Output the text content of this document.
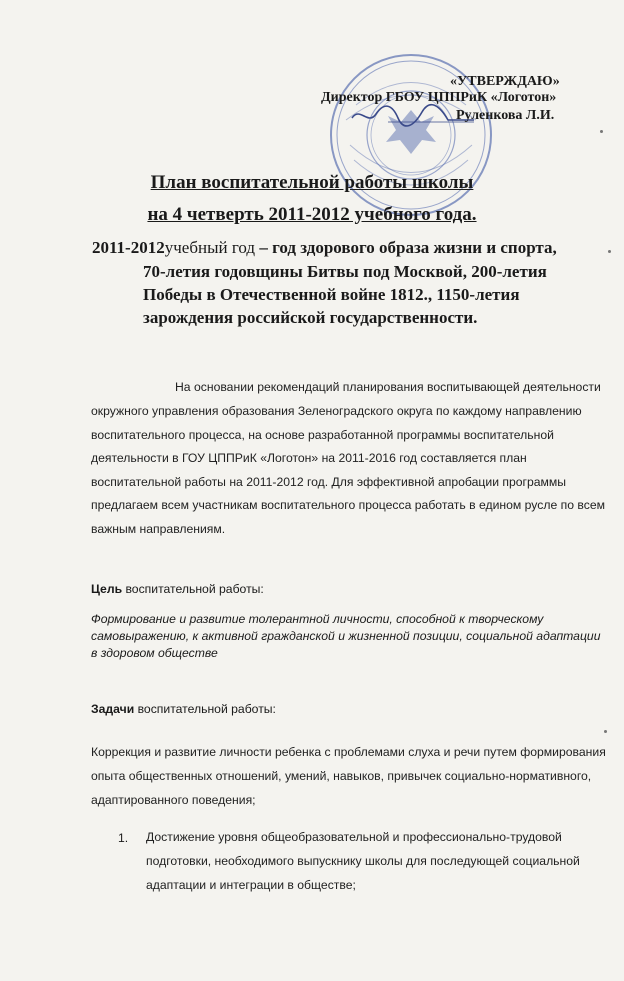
«УТВЕРЖДАЮ»
Директор ГБОУ ЦППРиК «Логотон»
Руленкова Л.И.
План воспитательной работы школы
на 4 четверть 2011-2012 учебного года.
2011-2012учебный год – год здорового образа жизни и спорта,
70-летия годовщины Битвы под Москвой, 200-летия
Победы в Отечественной войне 1812., 1150-летия
зарождения российской государственности.
На основании рекомендаций планирования воспитывающей деятельности
окружного управления образования Зеленоградского округа по каждому направлению
воспитательного процесса, на основе разработанной программы воспитательной
деятельности в ГОУ ЦППРиК «Логотон» на 2011-2016 год составляется план
воспитательной работы на 2011-2012 год. Для эффективной апробации программы
предлагаем всем участникам воспитательного процесса работать в едином русле по всем
важным направлениям.
Цель воспитательной работы:
Формирование и развитие толерантной личности, способной к творческому
самовыражению, к активной гражданской и жизненной позиции, социальной адаптации
в здоровом обществе
Задачи воспитательной работы:
Коррекция и развитие личности ребенка с проблемами слуха и речи путем формирования
опыта общественных отношений, умений, навыков, привычек социально-нормативного,
адаптированного поведения;
1. Достижение уровня общеобразовательной и профессионально-трудовой
подготовки, необходимого выпускнику школы для последующей социальной
адаптации и интеграции в обществе;
